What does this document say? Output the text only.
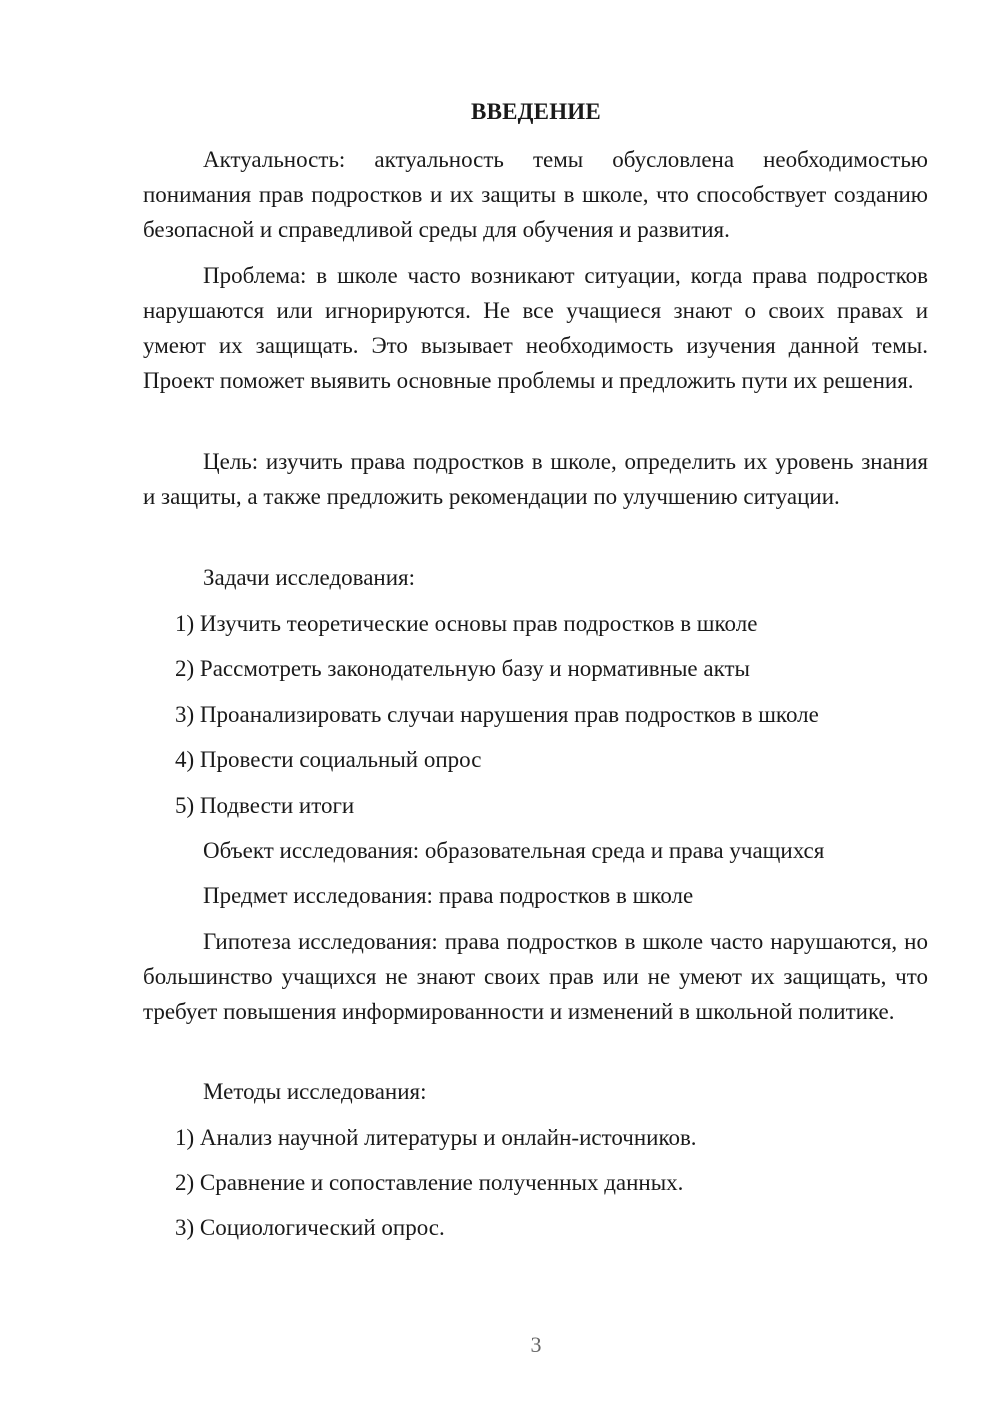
ВВЕДЕНИЕ

Актуальность: актуальность темы обусловлена необходимостью понимания прав подростков и их защиты в школе, что способствует созданию безопасной и справедливой среды для обучения и развития.

Проблема: в школе часто возникают ситуации, когда права подростков нарушаются или игнорируются. Не все учащиеся знают о своих правах и умеют их защищать. Это вызывает необходимость изучения данной темы. Проект поможет выявить основные проблемы и предложить пути их решения.

Цель: изучить права подростков в школе, определить их уровень знания и защиты, а также предложить рекомендации по улучшению ситуации.

Задачи исследования:

1) Изучить теоретические основы прав подростков в школе

2) Рассмотреть законодательную базу и нормативные акты

3) Проанализировать случаи нарушения прав подростков в школе

4) Провести социальный опрос

5) Подвести итоги

Объект исследования: образовательная среда и права учащихся

Предмет исследования: права подростков в школе

Гипотеза исследования: права подростков в школе часто нарушаются, но большинство учащихся не знают своих прав или не умеют их защищать, что требует повышения информированности и изменений в школьной политике.

Методы исследования:

1) Анализ научной литературы и онлайн-источников.

2) Сравнение и сопоставление полученных данных.

3) Социологический опрос.

3
